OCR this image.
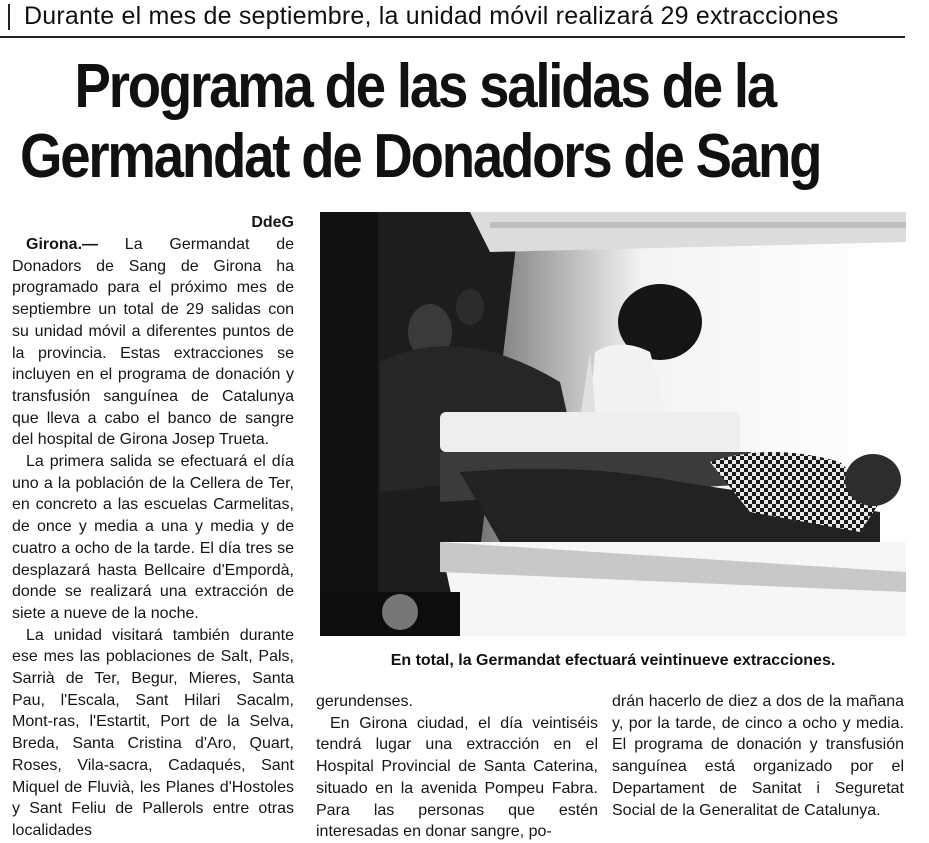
Durante el mes de septiembre, la unidad móvil realizará 29 extracciones
Programa de las salidas de la
Germandat de Donadors de Sang
DdeG

Girona.— La Germandat de Donadors de Sang de Girona ha programado para el próximo mes de septiembre un total de 29 salidas con su unidad móvil a diferentes puntos de la provincia. Estas extracciones se incluyen en el programa de donación y transfusión sanguínea de Catalunya que lleva a cabo el banco de sangre del hospital de Girona Josep Trueta.

La primera salida se efectuará el día uno a la población de la Cellera de Ter, en concreto a las escuelas Carmelitas, de once y media a una y media y de cuatro a ocho de la tarde. El día tres se desplazará hasta Bellcaire d'Empordà, donde se realizará una extracción de siete a nueve de la noche.

La unidad visitará también durante ese mes las poblaciones de Salt, Pals, Sarrià de Ter, Begur, Mieres, Santa Pau, l'Escala, Sant Hilari Sacalm, Mont-ras, l'Estartit, Port de la Selva, Breda, Santa Cristina d'Aro, Quart, Roses, Vila-sacra, Cadaqués, Sant Miquel de Fluvià, les Planes d'Hostoles y Sant Feliu de Pallerols entre otras localidades

En total, la Germandat efectuará veintinueve extracciones.

gerundenses.

En Girona ciudad, el día veintiséis tendrá lugar una extracción en el Hospital Provincial de Santa Caterina, situado en la avenida Pompeu Fabra. Para las personas que estén interesadas en donar sangre, po-

drán hacerlo de diez a dos de la mañana y, por la tarde, de cinco a ocho y media. El programa de donación y transfusión sanguínea está organizado por el Departament de Sanitat i Seguretat Social de la Generalitat de Catalunya.
